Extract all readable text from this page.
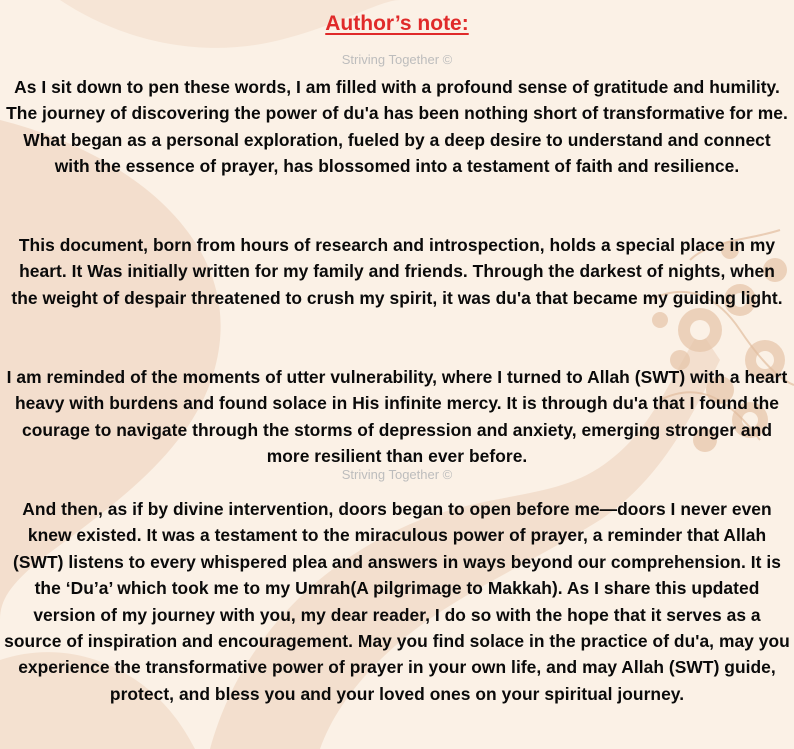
Author’s note:

Striving Together ©

As I sit down to pen these words, I am filled with a profound sense of gratitude and humility. The journey of discovering the power of du'a has been nothing short of transformative for me. What began as a personal exploration, fueled by a deep desire to understand and connect with the essence of prayer, has blossomed into a testament of faith and resilience.

This document, born from hours of research and introspection, holds a special place in my heart. It Was initially written for my family and friends. Through the darkest of nights, when the weight of despair threatened to crush my spirit, it was du'a that became my guiding light.

I am reminded of the moments of utter vulnerability, where I turned to Allah (SWT) with a heart heavy with burdens and found solace in His infinite mercy. It is through du'a that I found the courage to navigate through the storms of depression and anxiety, emerging stronger and more resilient than ever before.

Striving Together ©

And then, as if by divine intervention, doors began to open before me—doors I never even knew existed. It was a testament to the miraculous power of prayer, a reminder that Allah (SWT) listens to every whispered plea and answers in ways beyond our comprehension. It is the ‘Du’a’ which took me to my Umrah(A pilgrimage to Makkah). As I share this updated version of my journey with you, my dear reader, I do so with the hope that it serves as a source of inspiration and encouragement. May you find solace in the practice of du'a, may you experience the transformative power of prayer in your own life, and may Allah (SWT) guide, protect, and bless you and your loved ones on your spiritual journey.
